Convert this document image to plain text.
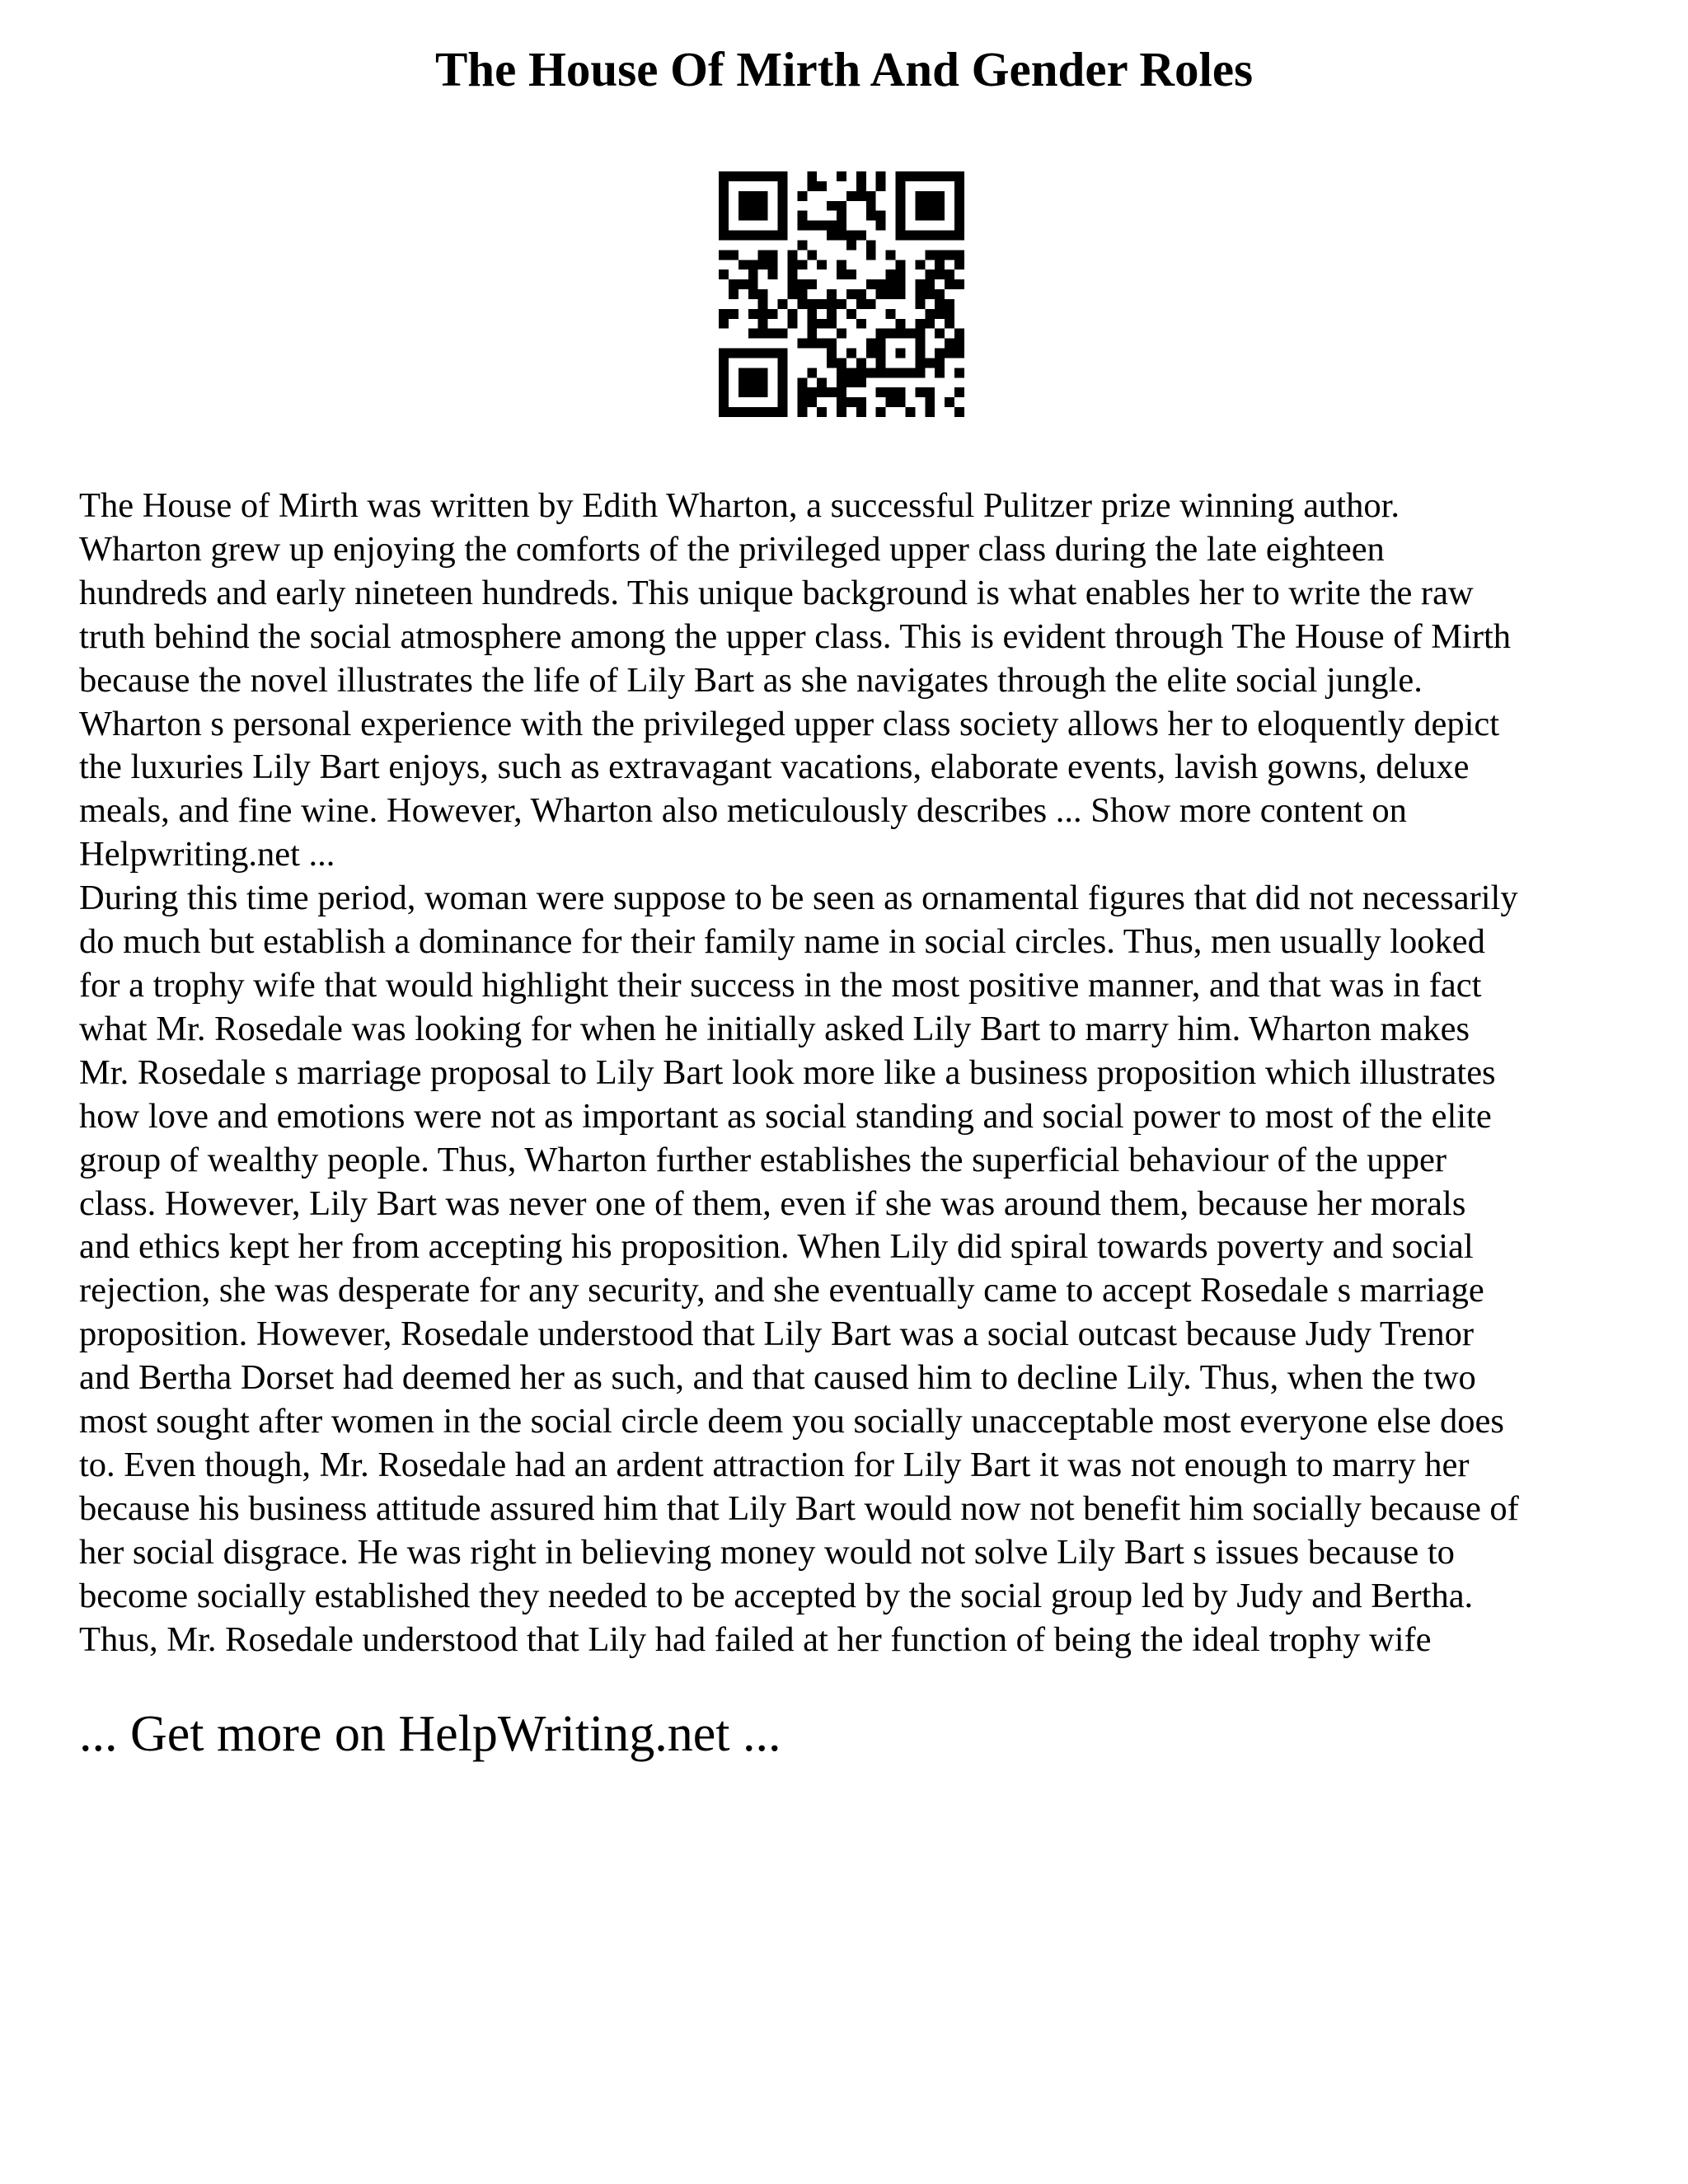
The House Of Mirth And Gender Roles

The House of Mirth was written by Edith Wharton, a successful Pulitzer prize winning author.
Wharton grew up enjoying the comforts of the privileged upper class during the late eighteen
hundreds and early nineteen hundreds. This unique background is what enables her to write the raw
truth behind the social atmosphere among the upper class. This is evident through The House of Mirth
because the novel illustrates the life of Lily Bart as she navigates through the elite social jungle.
Wharton s personal experience with the privileged upper class society allows her to eloquently depict
the luxuries Lily Bart enjoys, such as extravagant vacations, elaborate events, lavish gowns, deluxe
meals, and fine wine. However, Wharton also meticulously describes ... Show more content on
Helpwriting.net ...
During this time period, woman were suppose to be seen as ornamental figures that did not necessarily
do much but establish a dominance for their family name in social circles. Thus, men usually looked
for a trophy wife that would highlight their success in the most positive manner, and that was in fact
what Mr. Rosedale was looking for when he initially asked Lily Bart to marry him. Wharton makes
Mr. Rosedale s marriage proposal to Lily Bart look more like a business proposition which illustrates
how love and emotions were not as important as social standing and social power to most of the elite
group of wealthy people. Thus, Wharton further establishes the superficial behaviour of the upper
class. However, Lily Bart was never one of them, even if she was around them, because her morals
and ethics kept her from accepting his proposition. When Lily did spiral towards poverty and social
rejection, she was desperate for any security, and she eventually came to accept Rosedale s marriage
proposition. However, Rosedale understood that Lily Bart was a social outcast because Judy Trenor
and Bertha Dorset had deemed her as such, and that caused him to decline Lily. Thus, when the two
most sought after women in the social circle deem you socially unacceptable most everyone else does
to. Even though, Mr. Rosedale had an ardent attraction for Lily Bart it was not enough to marry her
because his business attitude assured him that Lily Bart would now not benefit him socially because of
her social disgrace. He was right in believing money would not solve Lily Bart s issues because to
become socially established they needed to be accepted by the social group led by Judy and Bertha.
Thus, Mr. Rosedale understood that Lily had failed at her function of being the ideal trophy wife

... Get more on HelpWriting.net ...
